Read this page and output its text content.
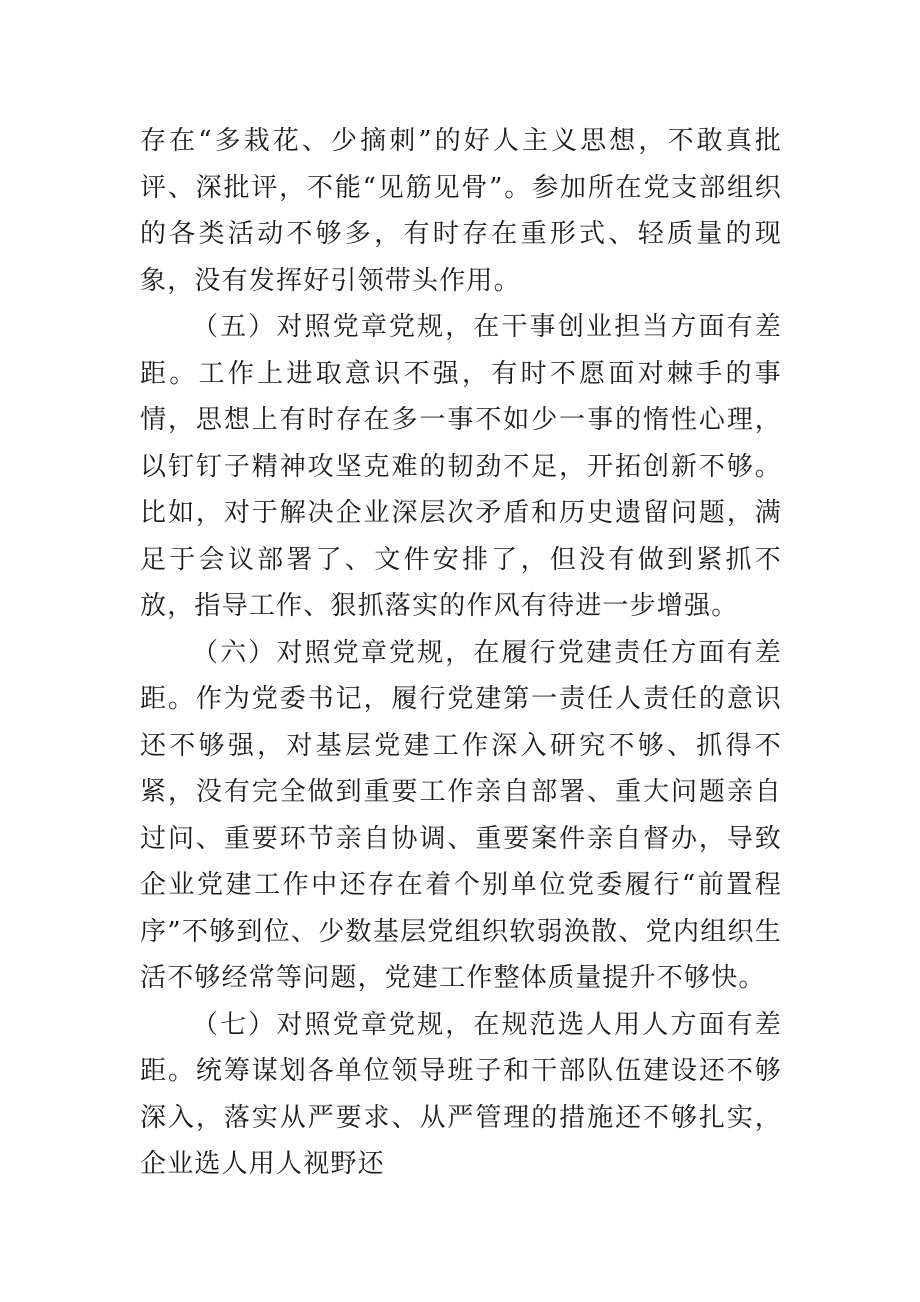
存在“多栽花、少摘刺”的好人主义思想，不敢真批评、深批评，不能“见筋见骨”。参加所在党支部组织的各类活动不够多，有时存在重形式、轻质量的现象，没有发挥好引领带头作用。

（五）对照党章党规，在干事创业担当方面有差距。工作上进取意识不强，有时不愿面对棘手的事情，思想上有时存在多一事不如少一事的惰性心理，以钉钉子精神攻坚克难的韧劲不足，开拓创新不够。比如，对于解决企业深层次矛盾和历史遗留问题，满足于会议部署了、文件安排了，但没有做到紧抓不放，指导工作、狠抓落实的作风有待进一步增强。

（六）对照党章党规，在履行党建责任方面有差距。作为党委书记，履行党建第一责任人责任的意识还不够强，对基层党建工作深入研究不够、抓得不紧，没有完全做到重要工作亲自部署、重大问题亲自过问、重要环节亲自协调、重要案件亲自督办，导致企业党建工作中还存在着个别单位党委履行“前置程序”不够到位、少数基层党组织软弱涣散、党内组织生活不够经常等问题，党建工作整体质量提升不够快。

（七）对照党章党规，在规范选人用人方面有差距。统筹谋划各单位领导班子和干部队伍建设还不够深入，落实从严要求、从严管理的措施还不够扎实，企业选人用人视野还
